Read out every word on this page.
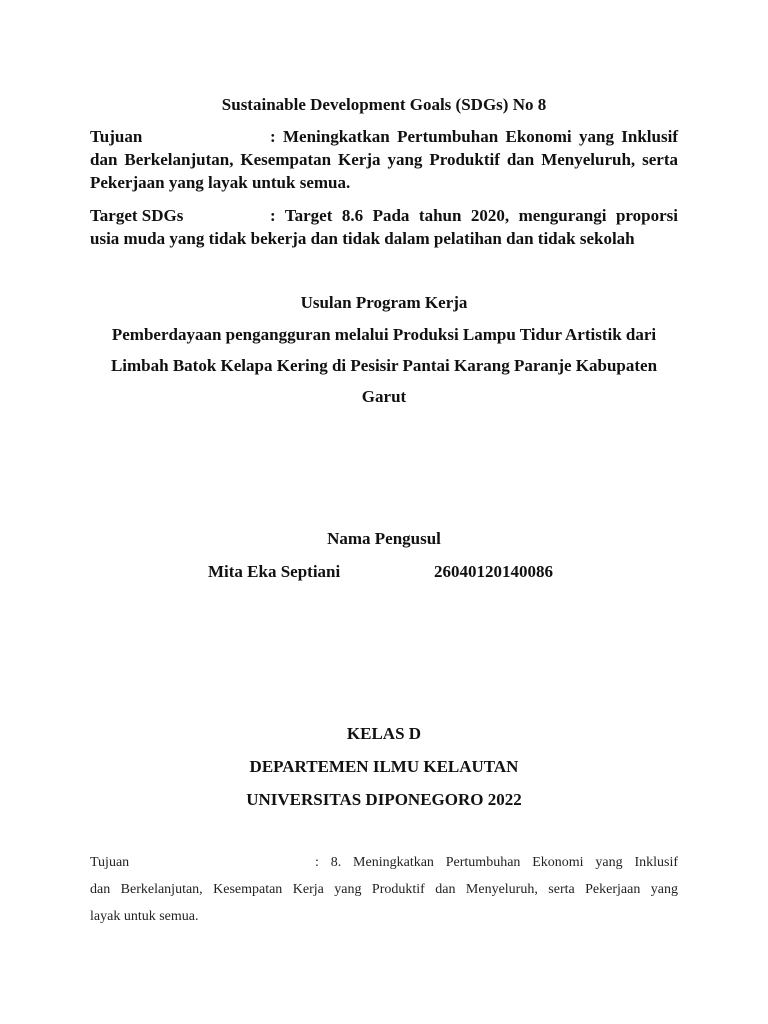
Sustainable Development Goals (SDGs) No 8
Tujuan	: Meningkatkan Pertumbuhan Ekonomi yang Inklusif
dan Berkelanjutan, Kesempatan Kerja yang Produktif dan Menyeluruh, serta
Pekerjaan yang layak untuk semua.
Target SDGs	: Target 8.6 Pada tahun 2020, mengurangi proporsi
usia muda yang tidak bekerja dan tidak dalam pelatihan dan tidak sekolah
Usulan Program Kerja
Pemberdayaan pengangguran melalui Produksi Lampu Tidur Artistik dari
Limbah Batok Kelapa Kering di Pesisir Pantai Karang Paranje Kabupaten
Garut
Nama Pengusul
Mita Eka Septiani	26040120140086
KELAS D
DEPARTEMEN ILMU KELAUTAN
UNIVERSITAS DIPONEGORO 2022
Tujuan	: 8. Meningkatkan Pertumbuhan Ekonomi yang Inklusif
dan Berkelanjutan, Kesempatan Kerja yang Produktif dan Menyeluruh, serta Pekerjaan yang
layak untuk semua.
